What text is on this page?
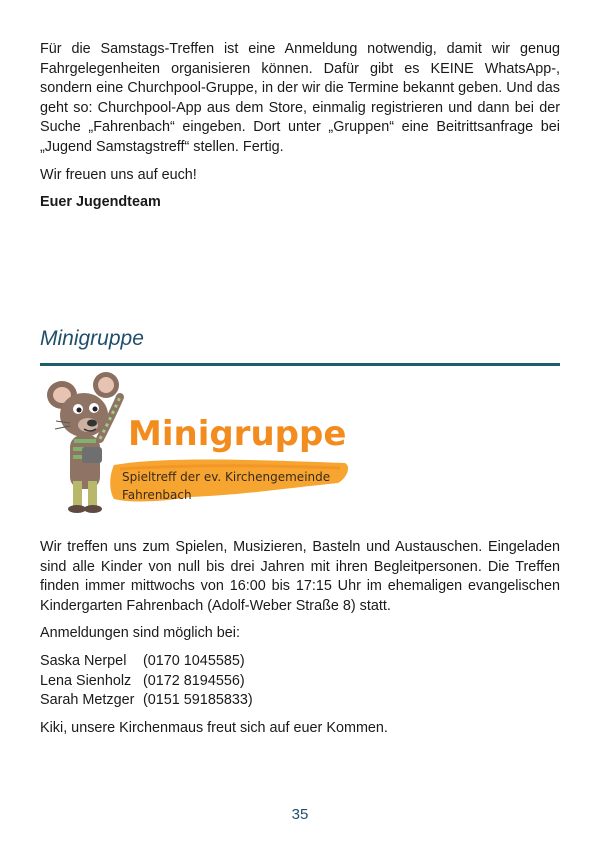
Für die Samstags-Treffen ist eine Anmeldung notwendig, damit wir genug Fahrgelegenheiten organisieren können. Dafür gibt es KEINE WhatsApp-, sondern eine Churchpool-Gruppe, in der wir die Termine bekannt geben. Und das geht so: Churchpool-App aus dem Store, einmalig registrieren und dann bei der Suche „Fahrenbach“ eingeben. Dort unter „Gruppen“ eine Beitrittsanfrage bei „Jugend Samstagstreff“ stellen. Fertig.

Wir freuen uns auf euch!

Euer Jugendteam

Minigruppe
Minigruppe
Spieltreff der ev. Kirchengemeinde
Fahrenbach

Wir treffen uns zum Spielen, Musizieren, Basteln und Austauschen. Eingeladen sind alle Kinder von null bis drei Jahren mit ihren Begleitpersonen. Die Treffen finden immer mittwochs von 16:00 bis 17:15 Uhr im ehemaligen evangelischen Kindergarten Fahrenbach (Adolf-Weber Straße 8) statt.

Anmeldungen sind möglich bei:

Saska Nerpel	(0170 1045585)
Lena Sienholz (0172 8194556)
Sarah Metzger (0151 59185833)

Kiki, unsere Kirchenmaus freut sich auf euer Kommen.

35
